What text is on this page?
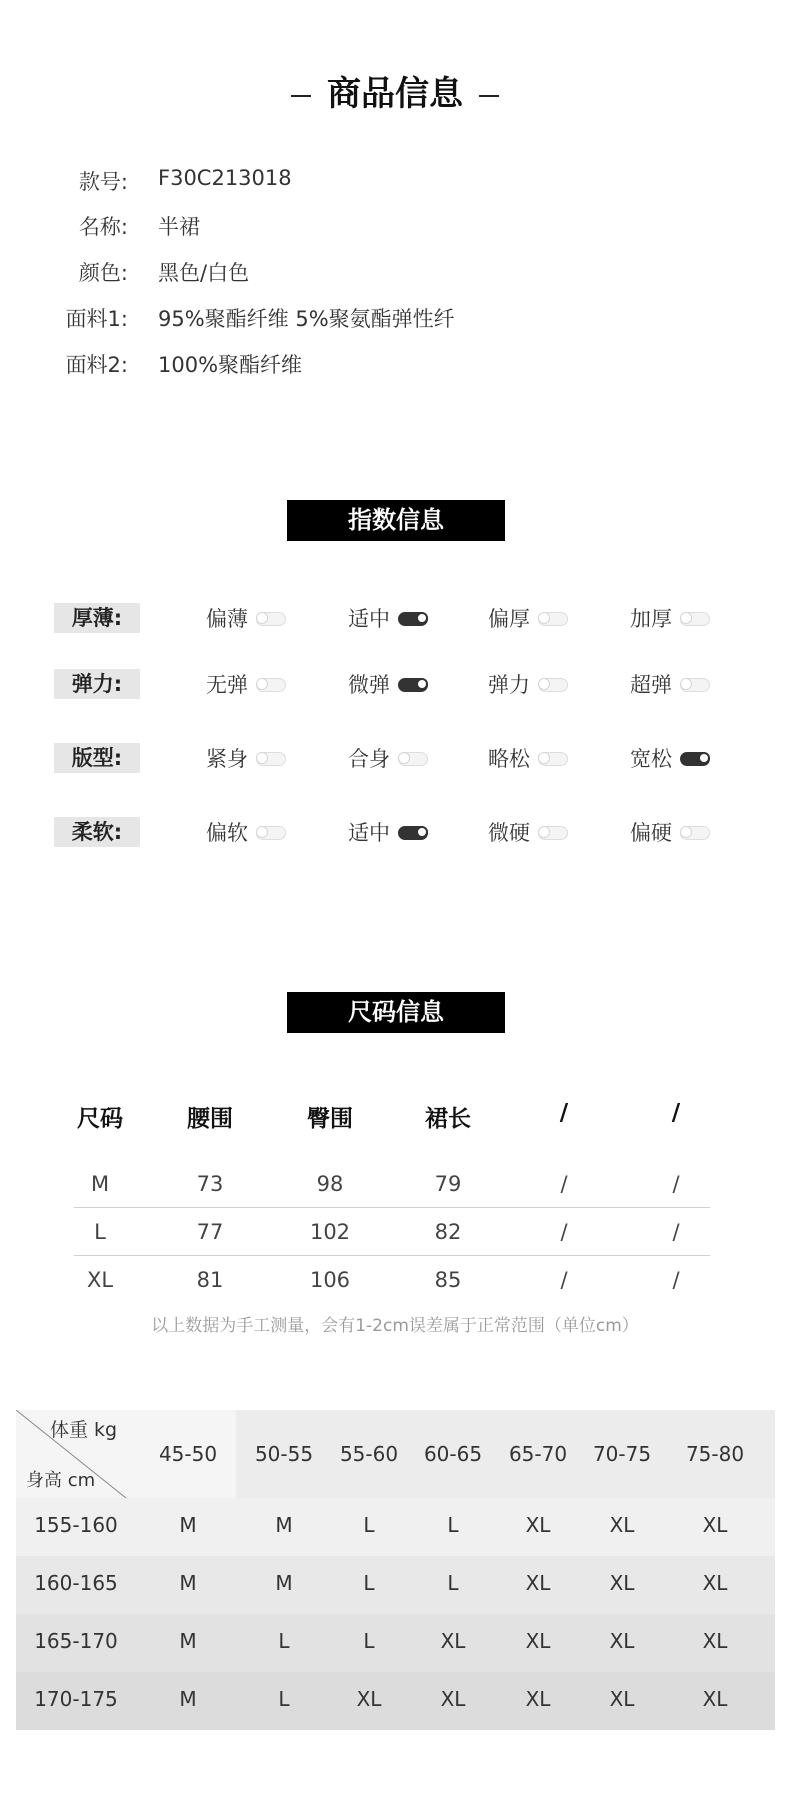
商品信息
款号: F30C213018
名称: 半裙
颜色: 黑色/白色
面料1: 95%聚酯纤维 5%聚氨酯弹性纤
面料2: 100%聚酯纤维
指数信息
厚薄:	偏薄	适中	偏厚	加厚
弹力:	无弹	微弹	弹力	超弹
版型:	紧身	合身	略松	宽松
柔软:	偏软	适中	微硬	偏硬
尺码信息
尺码	腰围	臀围	裙长	/	/
M	73	98	79	/	/
L	77	102	82	/	/
XL	81	106	85	/	/
以上数据为手工测量，会有1-2cm误差属于正常范围（单位cm）
体重 kg
身高 cm
45-50	50-55	55-60	60-65	65-70	70-75	75-80
155-160	M	M	L	L	XL	XL	XL
160-165	M	M	L	L	XL	XL	XL
165-170	M	L	L	XL	XL	XL	XL
170-175	M	L	XL	XL	XL	XL	XL
